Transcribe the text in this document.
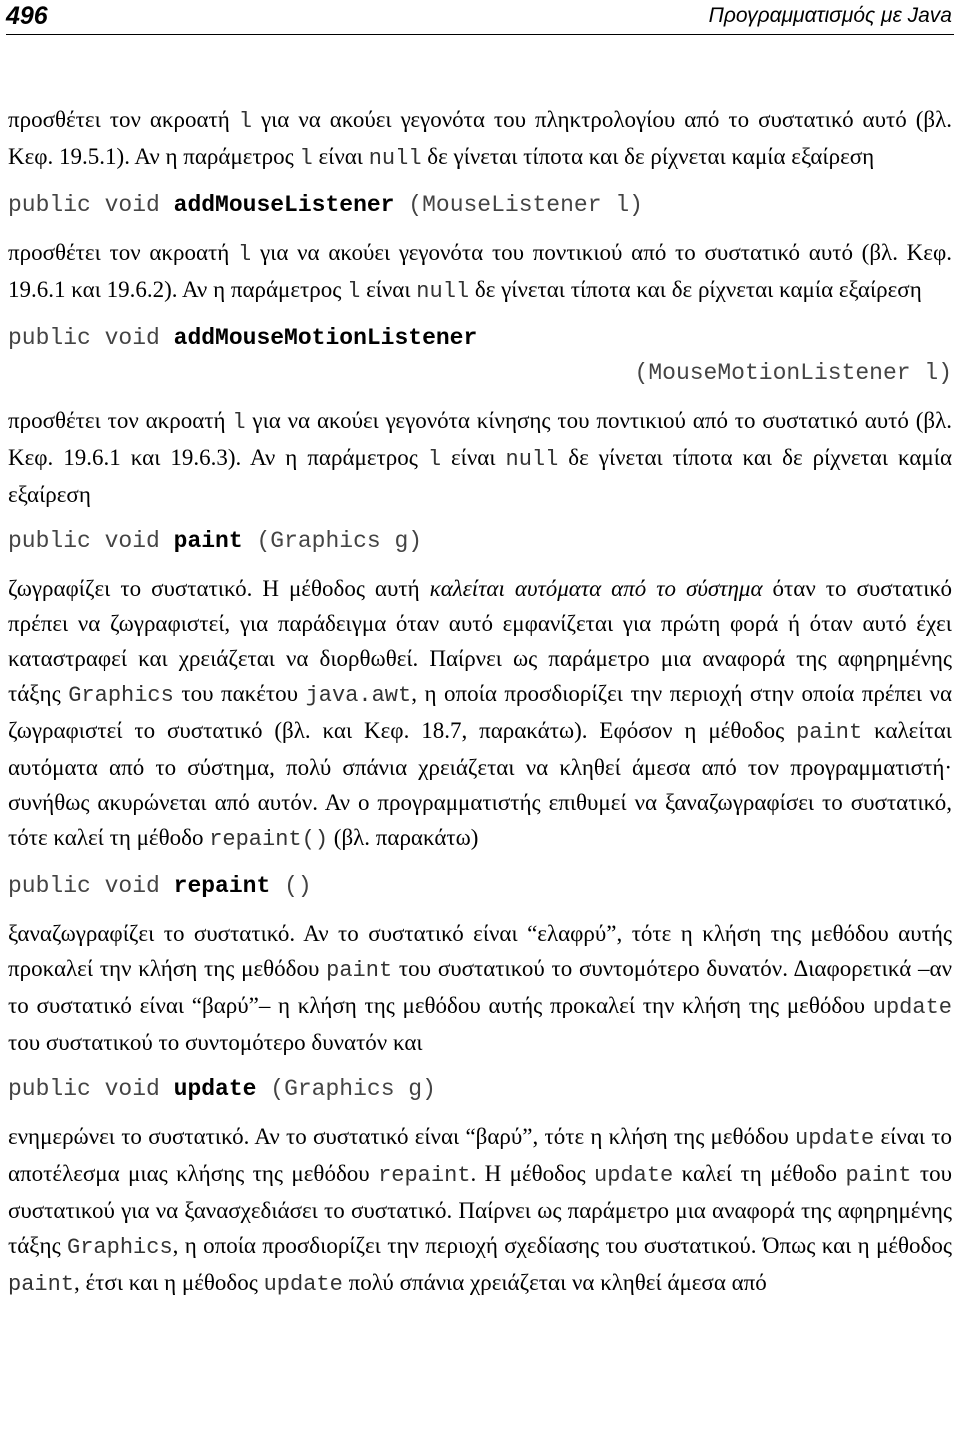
496	Προγραμματισμός με Java

προσθέτει τον ακροατή l για να ακούει γεγονότα του πληκτρολογίου από το συστατικό αυτό (βλ. Κεφ. 19.5.1). Αν η παράμετρος l είναι null δε γίνεται τίποτα και δε ρίχνεται καμία εξαίρεση

public void addMouseListener (MouseListener l)

προσθέτει τον ακροατή l για να ακούει γεγονότα του ποντικιού από το συστατικό αυτό (βλ. Κεφ. 19.6.1 και 19.6.2). Αν η παράμετρος l είναι null δε γίνεται τίποτα και δε ρίχνεται καμία εξαίρεση

public void addMouseMotionListener
(MouseMotionListener l)

προσθέτει τον ακροατή l για να ακούει γεγονότα κίνησης του ποντικιού από το συστατικό αυτό (βλ. Κεφ. 19.6.1 και 19.6.3). Αν η παράμετρος l είναι null δε γίνεται τίποτα και δε ρίχνεται καμία εξαίρεση

public void paint (Graphics g)

ζωγραφίζει το συστατικό. Η μέθοδος αυτή καλείται αυτόματα από το σύστημα όταν το συστατικό πρέπει να ζωγραφιστεί, για παράδειγμα όταν αυτό εμφανίζεται για πρώτη φορά ή όταν αυτό έχει καταστραφεί και χρειάζεται να διορθωθεί. Παίρνει ως παράμετρο μια αναφορά της αφηρημένης τάξης Graphics του πακέτου java.awt, η οποία προσδιορίζει την περιοχή στην οποία πρέπει να ζωγραφιστεί το συστατικό (βλ. και Κεφ. 18.7, παρακάτω). Εφόσον η μέθοδος paint καλείται αυτόματα από το σύστημα, πολύ σπάνια χρειάζεται να κληθεί άμεσα από τον προγραμματιστή· συνήθως ακυρώνεται από αυτόν. Αν ο προγραμματιστής επιθυμεί να ξαναζωγραφίσει το συστατικό, τότε καλεί τη μέθοδο repaint() (βλ. παρακάτω)

public void repaint ()

ξαναζωγραφίζει το συστατικό. Αν το συστατικό είναι “ελαφρύ”, τότε η κλήση της μεθόδου αυτής προκαλεί την κλήση της μεθόδου paint του συστατικού το συντομότερο δυνατόν. Διαφορετικά –αν το συστατικό είναι “βαρύ”– η κλήση της μεθόδου αυτής προκαλεί την κλήση της μεθόδου update του συστατικού το συντομότερο δυνατόν και

public void update (Graphics g)

ενημερώνει το συστατικό. Αν το συστατικό είναι “βαρύ”, τότε η κλήση της μεθόδου update είναι το αποτέλεσμα μιας κλήσης της μεθόδου repaint. Η μέθοδος update καλεί τη μέθοδο paint του συστατικού για να ξανασχεδιάσει το συστατικό. Παίρνει ως παράμετρο μια αναφορά της αφηρημένης τάξης Graphics, η οποία προσδιορίζει την περιοχή σχεδίασης του συστατικού. Όπως και η μέθοδος paint, έτσι και η μέθοδος update πολύ σπάνια χρειάζεται να κληθεί άμεσα από
